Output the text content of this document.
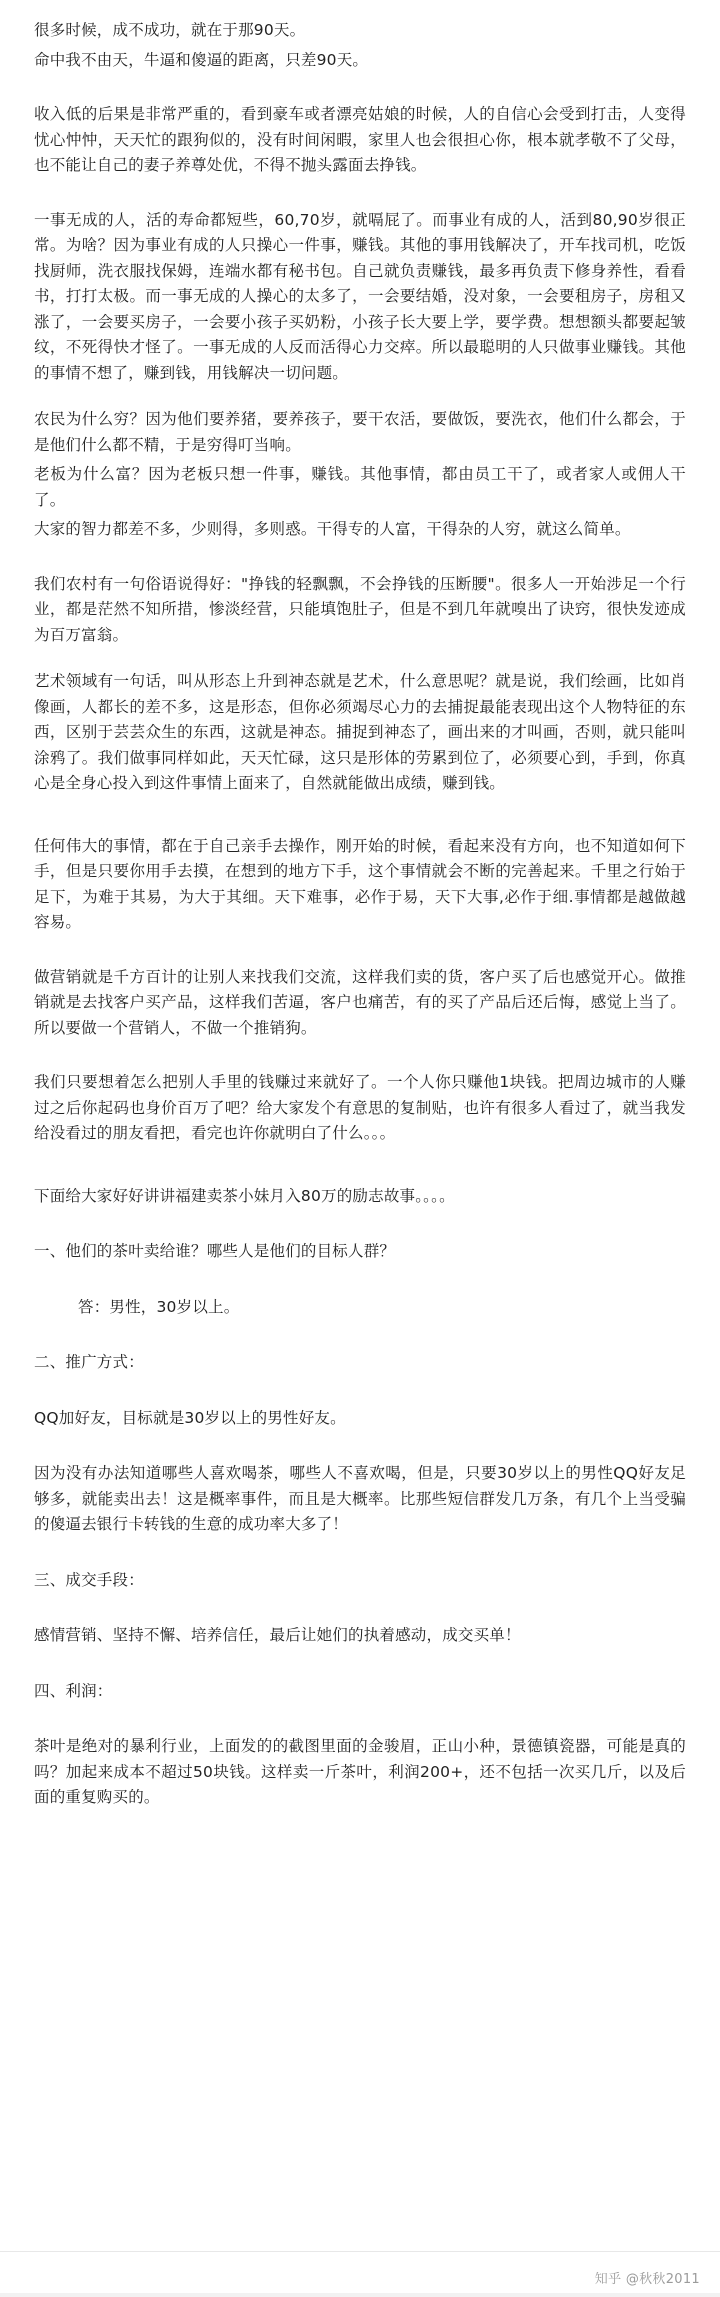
很多时候，成不成功，就在于那90天。
命中我不由天，牛逼和傻逼的距离，只差90天。
收入低的后果是非常严重的，看到豪车或者漂亮姑娘的时候，人的自信心会受到打击，人变得忧心忡忡，天天忙的跟狗似的，没有时间闲暇，家里人也会很担心你，根本就孝敬不了父母，也不能让自己的妻子养尊处优，不得不抛头露面去挣钱。
一事无成的人，活的寿命都短些，60,70岁，就嗝屁了。而事业有成的人，活到80,90岁很正常。为啥？因为事业有成的人只操心一件事，赚钱。其他的事用钱解决了，开车找司机，吃饭找厨师，洗衣服找保姆，连端水都有秘书包。自己就负责赚钱，最多再负责下修身养性，看看书，打打太极。而一事无成的人操心的太多了，一会要结婚，没对象，一会要租房子，房租又涨了，一会要买房子，一会要小孩子买奶粉，小孩子长大要上学，要学费。想想额头都要起皱纹，不死得快才怪了。一事无成的人反而活得心力交瘁。所以最聪明的人只做事业赚钱。其他的事情不想了，赚到钱，用钱解决一切问题。
农民为什么穷？因为他们要养猪，要养孩子，要干农活，要做饭，要洗衣，他们什么都会，于是他们什么都不精，于是穷得叮当响。
老板为什么富？因为老板只想一件事，赚钱。其他事情，都由员工干了，或者家人或佣人干了。
大家的智力都差不多，少则得，多则惑。干得专的人富，干得杂的人穷，就这么简单。
我们农村有一句俗语说得好："挣钱的轻飘飘，不会挣钱的压断腰"。很多人一开始涉足一个行业，都是茫然不知所措，惨淡经营，只能填饱肚子，但是不到几年就嗅出了诀窍，很快发迹成为百万富翁。
艺术领域有一句话，叫从形态上升到神态就是艺术，什么意思呢？就是说，我们绘画，比如肖像画，人都长的差不多，这是形态，但你必须竭尽心力的去捕捉最能表现出这个人物特征的东西，区别于芸芸众生的东西，这就是神态。捕捉到神态了，画出来的才叫画，否则，就只能叫涂鸦了。我们做事同样如此，天天忙碌，这只是形体的劳累到位了，必须要心到，手到，你真心是全身心投入到这件事情上面来了，自然就能做出成绩，赚到钱。
任何伟大的事情，都在于自己亲手去操作，刚开始的时候，看起来没有方向，也不知道如何下手，但是只要你用手去摸，在想到的地方下手，这个事情就会不断的完善起来。千里之行始于足下，为难于其易，为大于其细。天下难事，必作于易，天下大事,必作于细.事情都是越做越容易。
做营销就是千方百计的让别人来找我们交流，这样我们卖的货，客户买了后也感觉开心。做推销就是去找客户买产品，这样我们苦逼，客户也痛苦，有的买了产品后还后悔，感觉上当了。所以要做一个营销人，不做一个推销狗。
我们只要想着怎么把别人手里的钱赚过来就好了。一个人你只赚他1块钱。把周边城市的人赚过之后你起码也身价百万了吧？给大家发个有意思的复制贴，也许有很多人看过了，就当我发给没看过的朋友看把，看完也许你就明白了什么。。。
下面给大家好好讲讲福建卖茶小妹月入80万的励志故事。。。。
一、他们的茶叶卖给谁？哪些人是他们的目标人群？
答：男性，30岁以上。
二、推广方式：
QQ加好友，目标就是30岁以上的男性好友。
因为没有办法知道哪些人喜欢喝茶，哪些人不喜欢喝，但是，只要30岁以上的男性QQ好友足够多，就能卖出去！这是概率事件，而且是大概率。比那些短信群发几万条，有几个上当受骗的傻逼去银行卡转钱的生意的成功率大多了！
三、成交手段：
感情营销、坚持不懈、培养信任，最后让她们的执着感动，成交买单！
四、利润：
茶叶是绝对的暴利行业，上面发的的截图里面的金骏眉，正山小种，景德镇瓷器，可能是真的吗？加起来成本不超过50块钱。这样卖一斤茶叶，利润200+，还不包括一次买几斤，以及后面的重复购买的。
知乎 @秋秋2011
